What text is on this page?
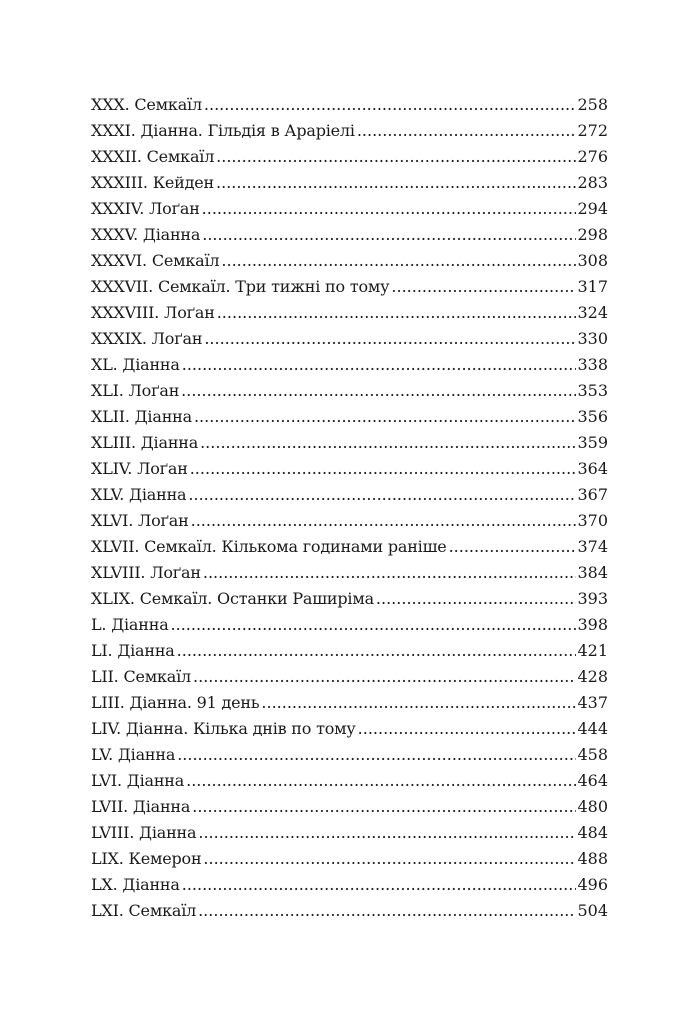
XXX. Семкаїл .....	258
XXXI. Діанна. Гільдія в Араріелі .....	272
XXXII. Семкаїл .....	276
XXXIII. Кейден .....	283
XXXIV. Лоґан .....	294
XXXV. Діанна .....	298
XXXVI. Семкаїл .....	308
XXXVII. Семкаїл. Три тижні по тому .....	317
XXXVIII. Лоґан .....	324
XXXIX. Лоґан .....	330
XL. Діанна .....	338
XLI. Лоґан .....	353
XLII. Діанна .....	356
XLIII. Діанна .....	359
XLIV. Лоґан .....	364
XLV. Діанна .....	367
XLVI. Лоґан .....	370
XLVII. Семкаїл. Кількома годинами раніше .....	374
XLVIII. Лоґан .....	384
XLIX. Семкаїл. Останки Раширіма .....	393
L. Діанна .....	398
LI. Діанна .....	421
LII. Семкаїл .....	428
LIII. Діанна. 91 день .....	437
LIV. Діанна. Кілька днів по тому .....	444
LV. Діанна .....	458
LVI. Діанна .....	464
LVII. Діанна .....	480
LVIII. Діанна .....	484
LIX. Кемерон .....	488
LX. Діанна .....	496
LXI. Семкаїл .....	504
